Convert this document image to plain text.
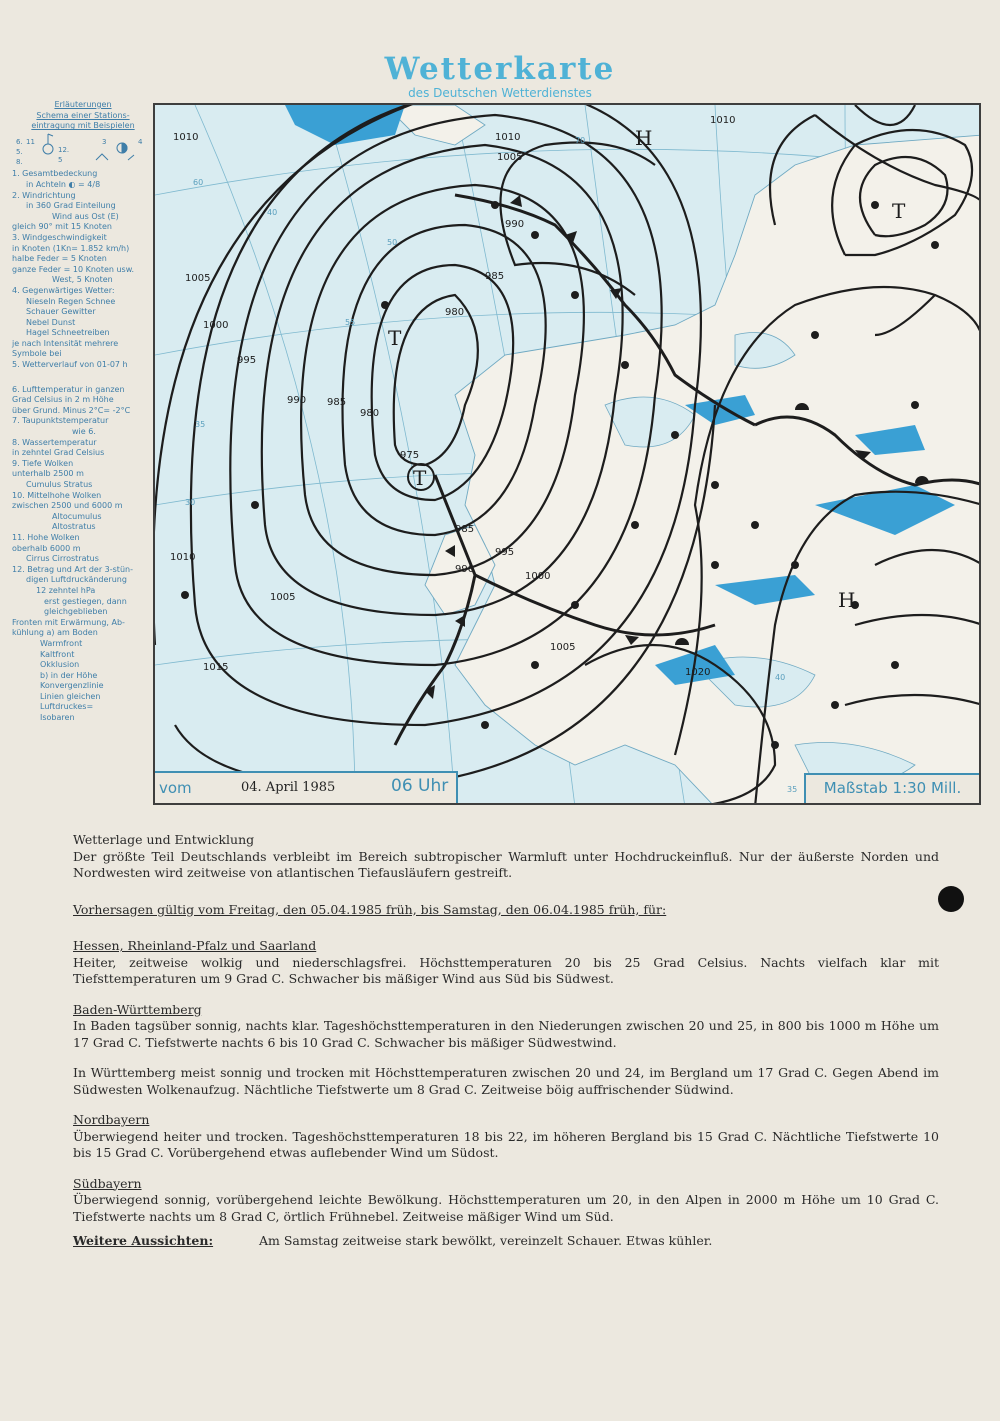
Wetterkarte
des Deutschen Wetterdienstes
Erläuterungen
Schema einer Stations-
eintragung mit Beispielen
6. 11
5.
8.
12.
5
3	4
1. Gesamtbedeckung
in Achteln ◐ = 4/8
2. Windrichtung
in 360 Grad Einteilung
Wind aus Ost (E)
gleich 90° mit 15 Knoten
3. Windgeschwindigkeit
in Knoten (1Kn= 1.852 km/h)
halbe Feder = 5 Knoten
ganze Feder = 10 Knoten usw.
West, 5 Knoten
4. Gegenwärtiges Wetter:
Nieseln Regen Schnee
Schauer Gewitter
Nebel Dunst
Hagel Schneetreiben
je nach Intensität mehrere
Symbole bei
5. Wetterverlauf von 01-07 h
6. Lufttemperatur in ganzen
Grad Celsius in 2 m Höhe
über Grund. Minus 2°C= -2°C
7. Taupunktstemperatur
wie 6.
8. Wassertemperatur
in zehntel Grad Celsius
9. Tiefe Wolken
unterhalb 2500 m
Cumulus Stratus
10. Mittelhohe Wolken
zwischen 2500 und 6000 m
Altocumulus
Altostratus
11. Hohe Wolken
oberhalb 6000 m
Cirrus Cirrostratus
12. Betrag und Art der 3-stün-
digen Luftdruckänderung
12 zehntel hPa
erst gestiegen, dann
gleichgeblieben
Fronten mit Erwärmung, Ab-
kühlung a) am Boden
Warmfront
Kaltfront
Okklusion
b) in der Höhe
Konvergenzlinie
Linien gleichen
Luftdruckes=
Isobaren
T
T
T
H
H
1010	1010
1010
1005
1005
1005
1000
995
990
990
985
985
980
980
975
985
990
995
1010
1015	1020
1000
1005
70
60
55
50
40
35
30
35
40
vom	04. April 1985	06 Uhr	Maßstab 1:30 Mill.
Wetterlage und Entwicklung

Der größte Teil Deutschlands verbleibt im Bereich subtropischer Warmluft unter Hochdruckeinfluß. Nur der äußerste Norden und Nordwesten wird zeitweise von atlantischen Tiefausläufern gestreift.

Vorhersagen gültig vom Freitag, den 05.04.1985 früh, bis Samstag, den 06.04.1985 früh, für:
Hessen, Rheinland-Pfalz und Saarland

Heiter, zeitweise wolkig und niederschlagsfrei. Höchsttemperaturen 20 bis 25 Grad Celsius. Nachts vielfach klar mit Tiefsttemperaturen um 9 Grad C. Schwacher bis mäßiger Wind aus Süd bis Südwest.

Baden-Württemberg

In Baden tagsüber sonnig, nachts klar. Tageshöchsttemperaturen in den Niederungen zwischen 20 und 25, in 800 bis 1000 m Höhe um 17 Grad C. Tiefstwerte nachts 6 bis 10 Grad C. Schwacher bis mäßiger Südwestwind.

In Württemberg meist sonnig und trocken mit Höchsttemperaturen zwischen 20 und 24, im Bergland um 17 Grad C. Gegen Abend im Südwesten Wolkenaufzug. Nächtliche Tiefstwerte um 8 Grad C. Zeitweise böig auffrischender Südwind.

Nordbayern

Überwiegend heiter und trocken. Tageshöchsttemperaturen 18 bis 22, im höheren Bergland bis 15 Grad C. Nächtliche Tiefstwerte 10 bis 15 Grad C. Vorübergehend etwas auflebender Wind um Südost.

Südbayern

Überwiegend sonnig, vorübergehend leichte Bewölkung. Höchsttemperaturen um 20, in den Alpen in 2000 m Höhe um 10 Grad C. Tiefstwerte nachts um 8 Grad C, örtlich Frühnebel. Zeitweise mäßiger Wind um Süd.

Weitere Aussichten:	Am Samstag zeitweise stark bewölkt, vereinzelt Schauer. Etwas kühler.
